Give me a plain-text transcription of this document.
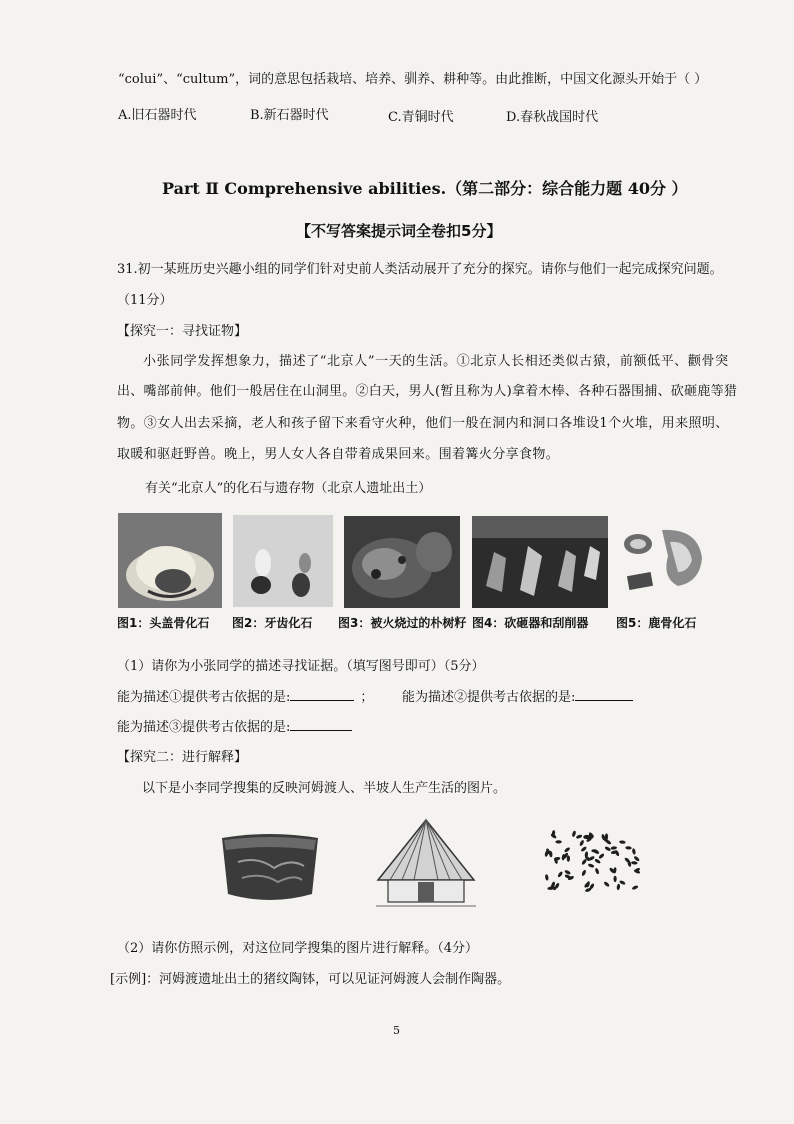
“colui”、“cultum”，词的意思包括栽培、培养、驯养、耕种等。由此推断，中国文化源头开始于（ ）
A.旧石器时代	B.新石器时代	C.青铜时代	D.春秋战国时代
Part Ⅱ Comprehensive abilities.（第二部分：综合能力题 40分 ）
【不写答案提示词全卷扣5分】
31.初一某班历史兴趣小组的同学们针对史前人类活动展开了充分的探究。请你与他们一起完成探究问题。
（11分）
【探究一：寻找证物】
小张同学发挥想象力，描述了“北京人”一天的生活。①北京人长相还类似古猿，前额低平、颧骨突
出、嘴部前伸。他们一般居住在山洞里。②白天，男人(暂且称为人)拿着木棒、各种石器围捕、砍砸鹿等猎
物。③女人出去采摘，老人和孩子留下来看守火种，他们一般在洞内和洞口各堆设1个火堆，用来照明、
取暖和驱赶野兽。晚上，男人女人各自带着成果回来。围着篝火分享食物。
有关“北京人”的化石与遗存物（北京人遗址出土）
图1：头盖骨化石 图2：牙齿化石 图3：被火烧过的朴树籽 图4：砍砸器和刮削器 图5：鹿骨化石
（1）请你为小张同学的描述寻找证据。（填写图号即可）（5分）
能为描述①提供考古依据的是:	； 能为描述②提供考古依据的是:
能为描述③提供考古依据的是:
【探究二：进行解释】
以下是小李同学搜集的反映河姆渡人、半坡人生产生活的图片。
（2）请你仿照示例，对这位同学搜集的图片进行解释。（4分）
[示例]：河姆渡遗址出土的猪纹陶钵，可以见证河姆渡人会制作陶器。
5
